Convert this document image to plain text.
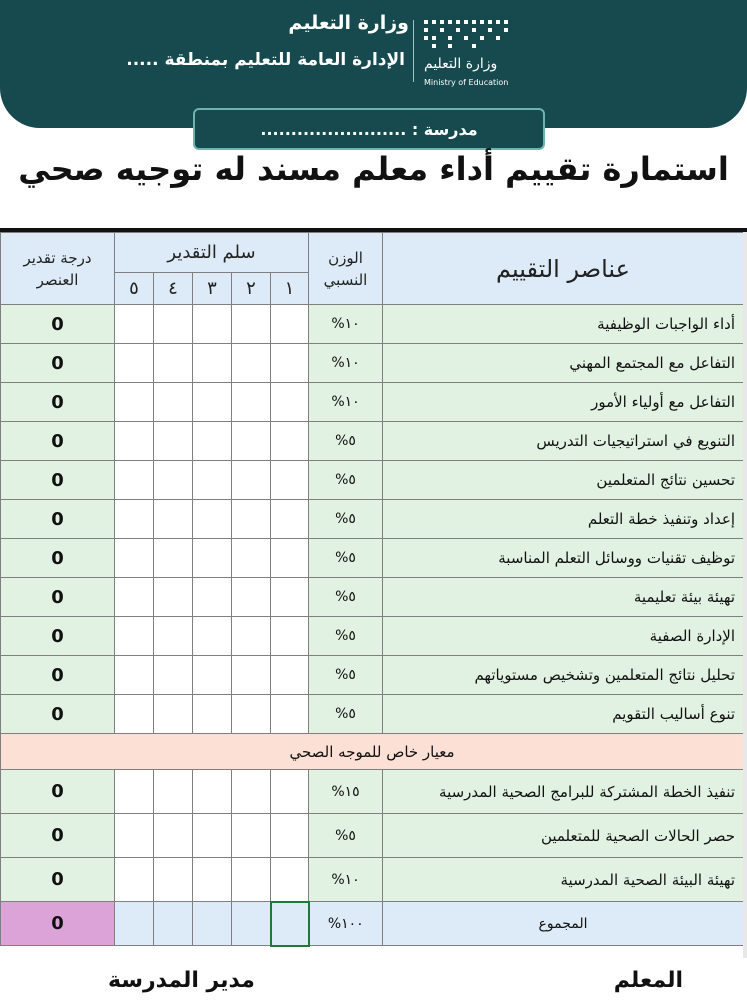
وزارة التعليم
الإدارة العامة للتعليم بمنطقة ..... وزارة التعليم
Ministry of Education
مدرسة : ........................
استمارة تقييم أداء معلم مسند له توجيه صحي
درجة تقدير العنصر	سلم التقدير					الوزن النسبي	عناصر التقييم
	٥	٤	٣	٢	١		
0						%١٠	أداء الواجبات الوظيفية
0						%١٠	التفاعل مع المجتمع المهني
0						%١٠	التفاعل مع أولياء الأمور
0						%٥	التنويع في استراتيجيات التدريس
0						%٥	تحسين نتائج المتعلمين
0						%٥	إعداد وتنفيذ خطة التعلم
0						%٥	توظيف تقنيات ووسائل التعلم المناسبة
0						%٥	تهيئة بيئة تعليمية
0						%٥	الإدارة الصفية
0						%٥	تحليل نتائج المتعلمين وتشخيص مستوياتهم
0						%٥	تنوع أساليب التقويم
معيار خاص للموجه الصحي							
0						%١٥	تنفيذ الخطة المشتركة للبرامج الصحية المدرسية
0						%٥	حصر الحالات الصحية للمتعلمين
0						%١٠	تهيئة البيئة الصحية المدرسية
0						%١٠٠	المجموع
المعلم
مدير المدرسة
